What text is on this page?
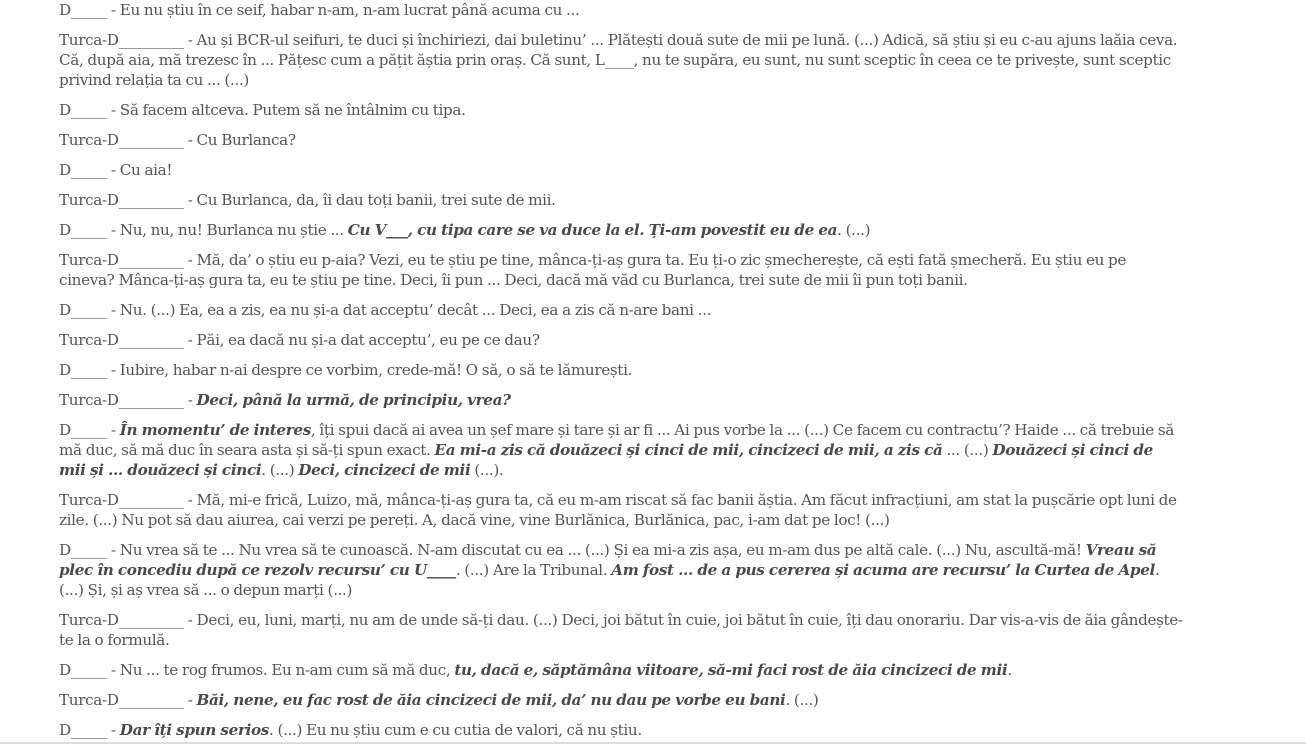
D_____ - Eu nu știu în ce seif, habar n-am, n-am lucrat până acuma cu ...

Turca-D_________ - Au și BCR-ul seifuri, te duci și închiriezi, dai buletinu’ ... Plătești două sute de mii pe lună. (...) Adică, să știu și eu c-au ajuns laăia ceva. Că, după aia, mă trezesc în ... Pățesc cum a pățit ăștia prin oraș. Că sunt, L____, nu te supăra, eu sunt, nu sunt sceptic în ceea ce te privește, sunt sceptic privind relația ta cu ... (...)

D_____ - Să facem altceva. Putem să ne întâlnim cu tipa.

Turca-D_________ - Cu Burlanca?

D_____ - Cu aia!

Turca-D_________ - Cu Burlanca, da, îi dau toți banii, trei sute de mii.

D_____ - Nu, nu, nu! Burlanca nu știe ... Cu V___, cu tipa care se va duce la el. Ți-am povestit eu de ea. (...)

Turca-D_________ - Mă, da’ o știu eu p-aia? Vezi, eu te știu pe tine, mânca-ți-aș gura ta. Eu ți-o zic șmecherește, că ești fată șmecheră. Eu știu eu pe cineva? Mânca-ți-aș gura ta, eu te știu pe tine. Deci, îi pun ... Deci, dacă mă văd cu Burlanca, trei sute de mii îi pun toți banii.

D_____ - Nu. (...) Ea, ea a zis, ea nu și-a dat acceptu’ decât ... Deci, ea a zis că n-are bani ...

Turca-D_________ - Păi, ea dacă nu și-a dat acceptu’, eu pe ce dau?

D_____ - Iubire, habar n-ai despre ce vorbim, crede-mă! O să, o să te lămurești.

Turca-D_________ - Deci, până la urmă, de principiu, vrea?

D_____ - În momentu’ de interes, îți spui dacă ai avea un șef mare și tare și ar fi ... Ai pus vorbe la ... (...) Ce facem cu contractu’? Haide ... că trebuie să mă duc, să mă duc în seara asta și să-ți spun exact. Ea mi-a zis că douăzeci și cinci de mii, cincizeci de mii, a zis că ... (...) Douăzeci și cinci de mii și ... douăzeci și cinci. (...) Deci, cincizeci de mii (...).

Turca-D_________ - Mă, mi-e frică, Luizo, mă, mânca-ți-aș gura ta, că eu m-am riscat să fac banii ăștia. Am făcut infracțiuni, am stat la pușcărie opt luni de zile. (...) Nu pot să dau aiurea, cai verzi pe pereți. A, dacă vine, vine Burlănica, Burlănica, pac, i-am dat pe loc! (...)

D_____ - Nu vrea să te ... Nu vrea să te cunoască. N-am discutat cu ea ... (...) Și ea mi-a zis așa, eu m-am dus pe altă cale. (...) Nu, ascultă-mă! Vreau să plec în concediu după ce rezolv recursu’ cu U____. (...) Are la Tribunal. Am fost ... de a pus cererea și acuma are recursu’ la Curtea de Apel. (...) Și, și aș vrea să ... o depun marți (...)

Turca-D_________ - Deci, eu, luni, marți, nu am de unde să-ți dau. (...) Deci, joi bătut în cuie, joi bătut în cuie, îți dau onorariu. Dar vis-a-vis de ăia gândește-te la o formulă.

D_____ - Nu ... te rog frumos. Eu n-am cum să mă duc, tu, dacă e, săptămâna viitoare, să-mi faci rost de ăia cincizeci de mii.

Turca-D_________ - Băi, nene, eu fac rost de ăia cincizeci de mii, da’ nu dau pe vorbe eu bani. (...)

D_____ - Dar îți spun serios. (...) Eu nu știu cum e cu cutia de valori, că nu știu.
